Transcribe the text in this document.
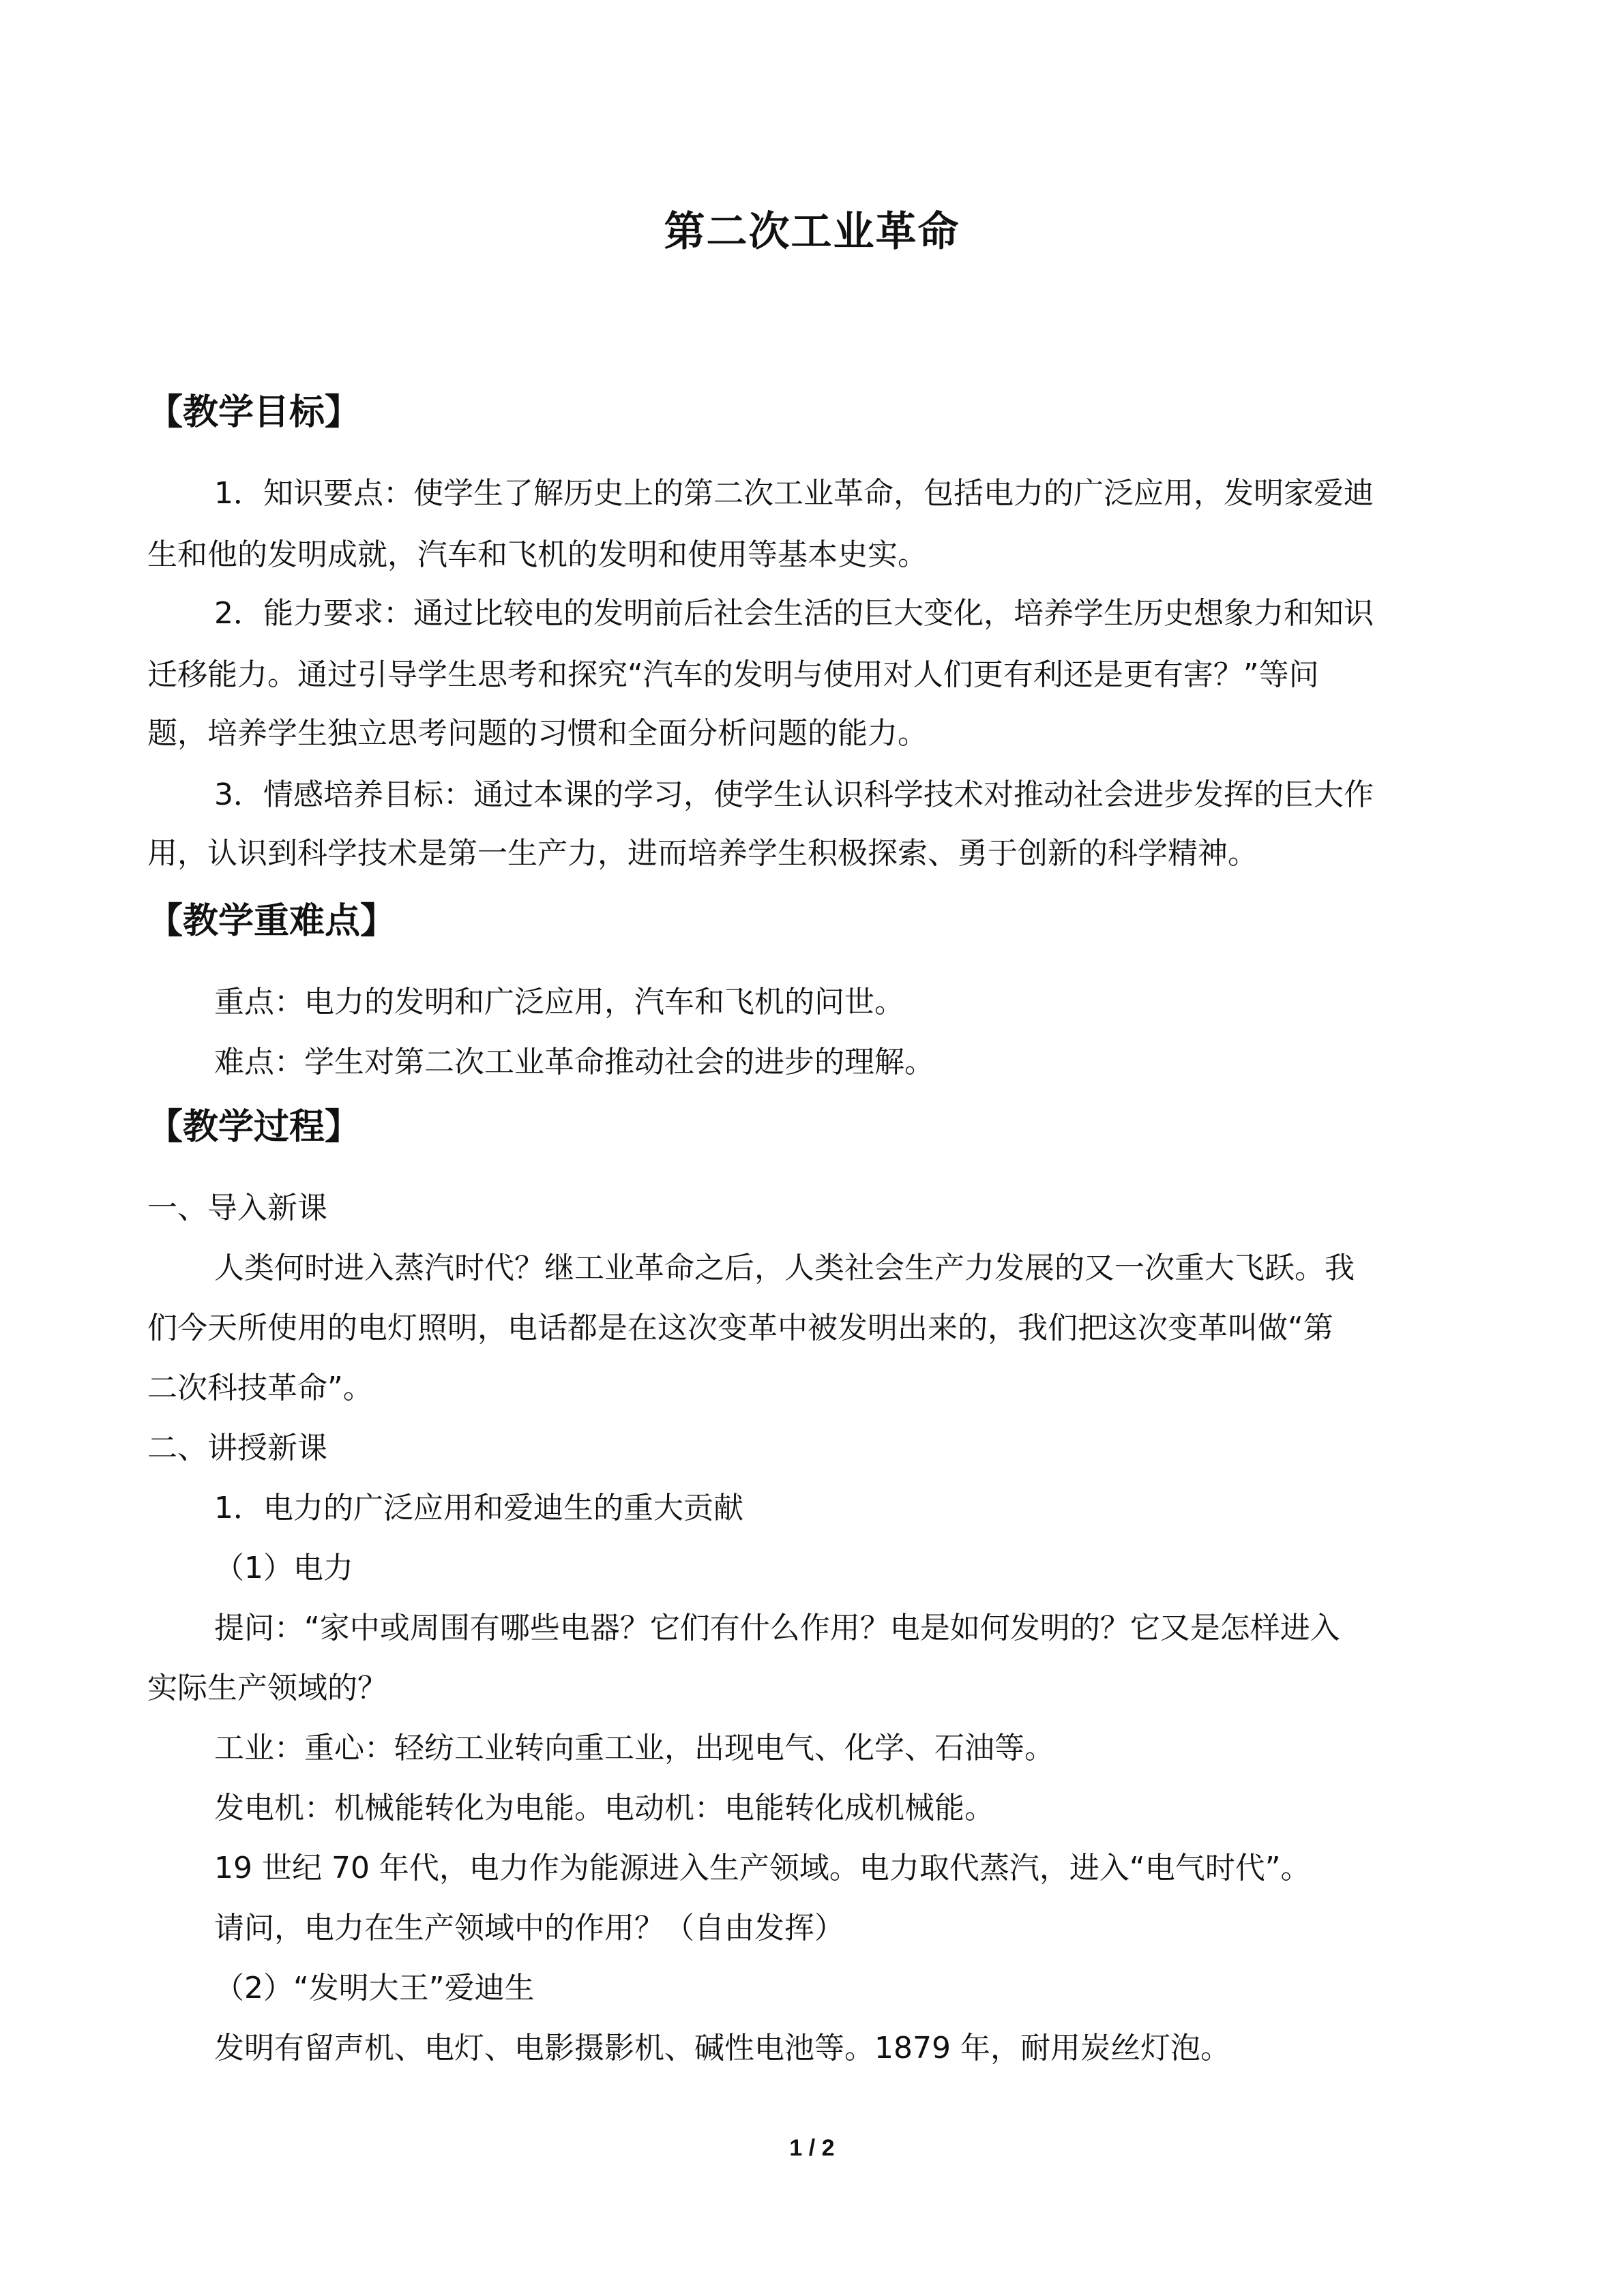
第二次工业革命
【教学目标】
1．知识要点：使学生了解历史上的第二次工业革命，包括电力的广泛应用，发明家爱迪
生和他的发明成就，汽车和飞机的发明和使用等基本史实。
2．能力要求：通过比较电的发明前后社会生活的巨大变化，培养学生历史想象力和知识
迁移能力。通过引导学生思考和探究“汽车的发明与使用对人们更有利还是更有害？”等问
题，培养学生独立思考问题的习惯和全面分析问题的能力。
3．情感培养目标：通过本课的学习，使学生认识科学技术对推动社会进步发挥的巨大作
用，认识到科学技术是第一生产力，进而培养学生积极探索、勇于创新的科学精神。
【教学重难点】
重点：电力的发明和广泛应用，汽车和飞机的问世。
难点：学生对第二次工业革命推动社会的进步的理解。
【教学过程】
一、导入新课
人类何时进入蒸汽时代？继工业革命之后，人类社会生产力发展的又一次重大飞跃。我
们今天所使用的电灯照明，电话都是在这次变革中被发明出来的，我们把这次变革叫做“第
二次科技革命”。
二、讲授新课
1．电力的广泛应用和爱迪生的重大贡献
（1）电力
提问：“家中或周围有哪些电器？它们有什么作用？电是如何发明的？它又是怎样进入
实际生产领域的？
工业：重心：轻纺工业转向重工业，出现电气、化学、石油等。
发电机：机械能转化为电能。电动机：电能转化成机械能。
19 世纪 70 年代，电力作为能源进入生产领域。电力取代蒸汽，进入“电气时代”。
请问，电力在生产领域中的作用？（自由发挥）
（2）“发明大王”爱迪生
发明有留声机、电灯、电影摄影机、碱性电池等。1879 年，耐用炭丝灯泡。
1 / 2
